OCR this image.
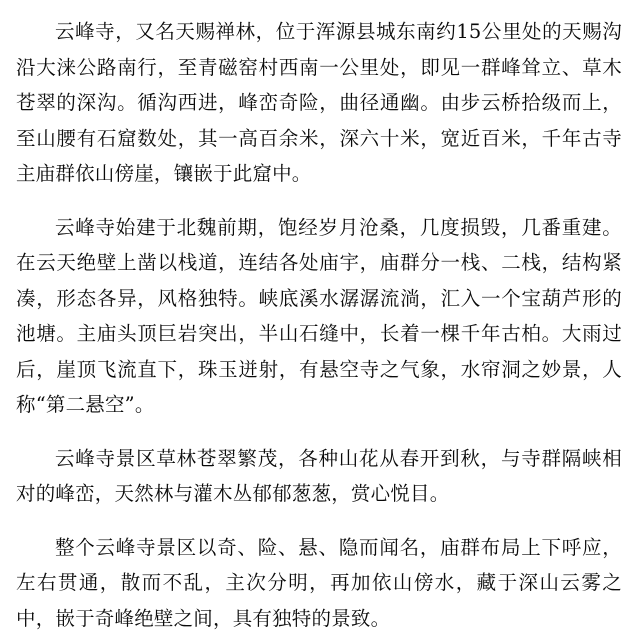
云峰寺，又名天赐禅林，位于浑源县城东南约15公里处的天赐沟沿大涞公路南行，至青磁窑村西南一公里处，即见一群峰耸立、草木苍翠的深沟。循沟西进，峰峦奇险，曲径通幽。由步云桥拾级而上，至山腰有石窟数处，其一高百余米，深六十米，宽近百米，千年古寺主庙群依山傍崖，镶嵌于此窟中。

云峰寺始建于北魏前期，饱经岁月沧桑，几度损毁，几番重建。在云天绝壁上凿以栈道，连结各处庙宇，庙群分一栈、二栈，结构紧凑，形态各异，风格独特。峡底溪水潺潺流淌，汇入一个宝葫芦形的池塘。主庙头顶巨岩突出，半山石缝中，长着一棵千年古柏。大雨过后，崖顶飞流直下，珠玉迸射，有悬空寺之气象，水帘洞之妙景，人称“第二悬空”。

云峰寺景区草林苍翠繁茂，各种山花从春开到秋，与寺群隔峡相对的峰峦，天然林与灌木丛郁郁葱葱，赏心悦目。

整个云峰寺景区以奇、险、悬、隐而闻名，庙群布局上下呼应，左右贯通，散而不乱，主次分明，再加依山傍水，藏于深山云雾之中，嵌于奇峰绝壁之间，具有独特的景致。
